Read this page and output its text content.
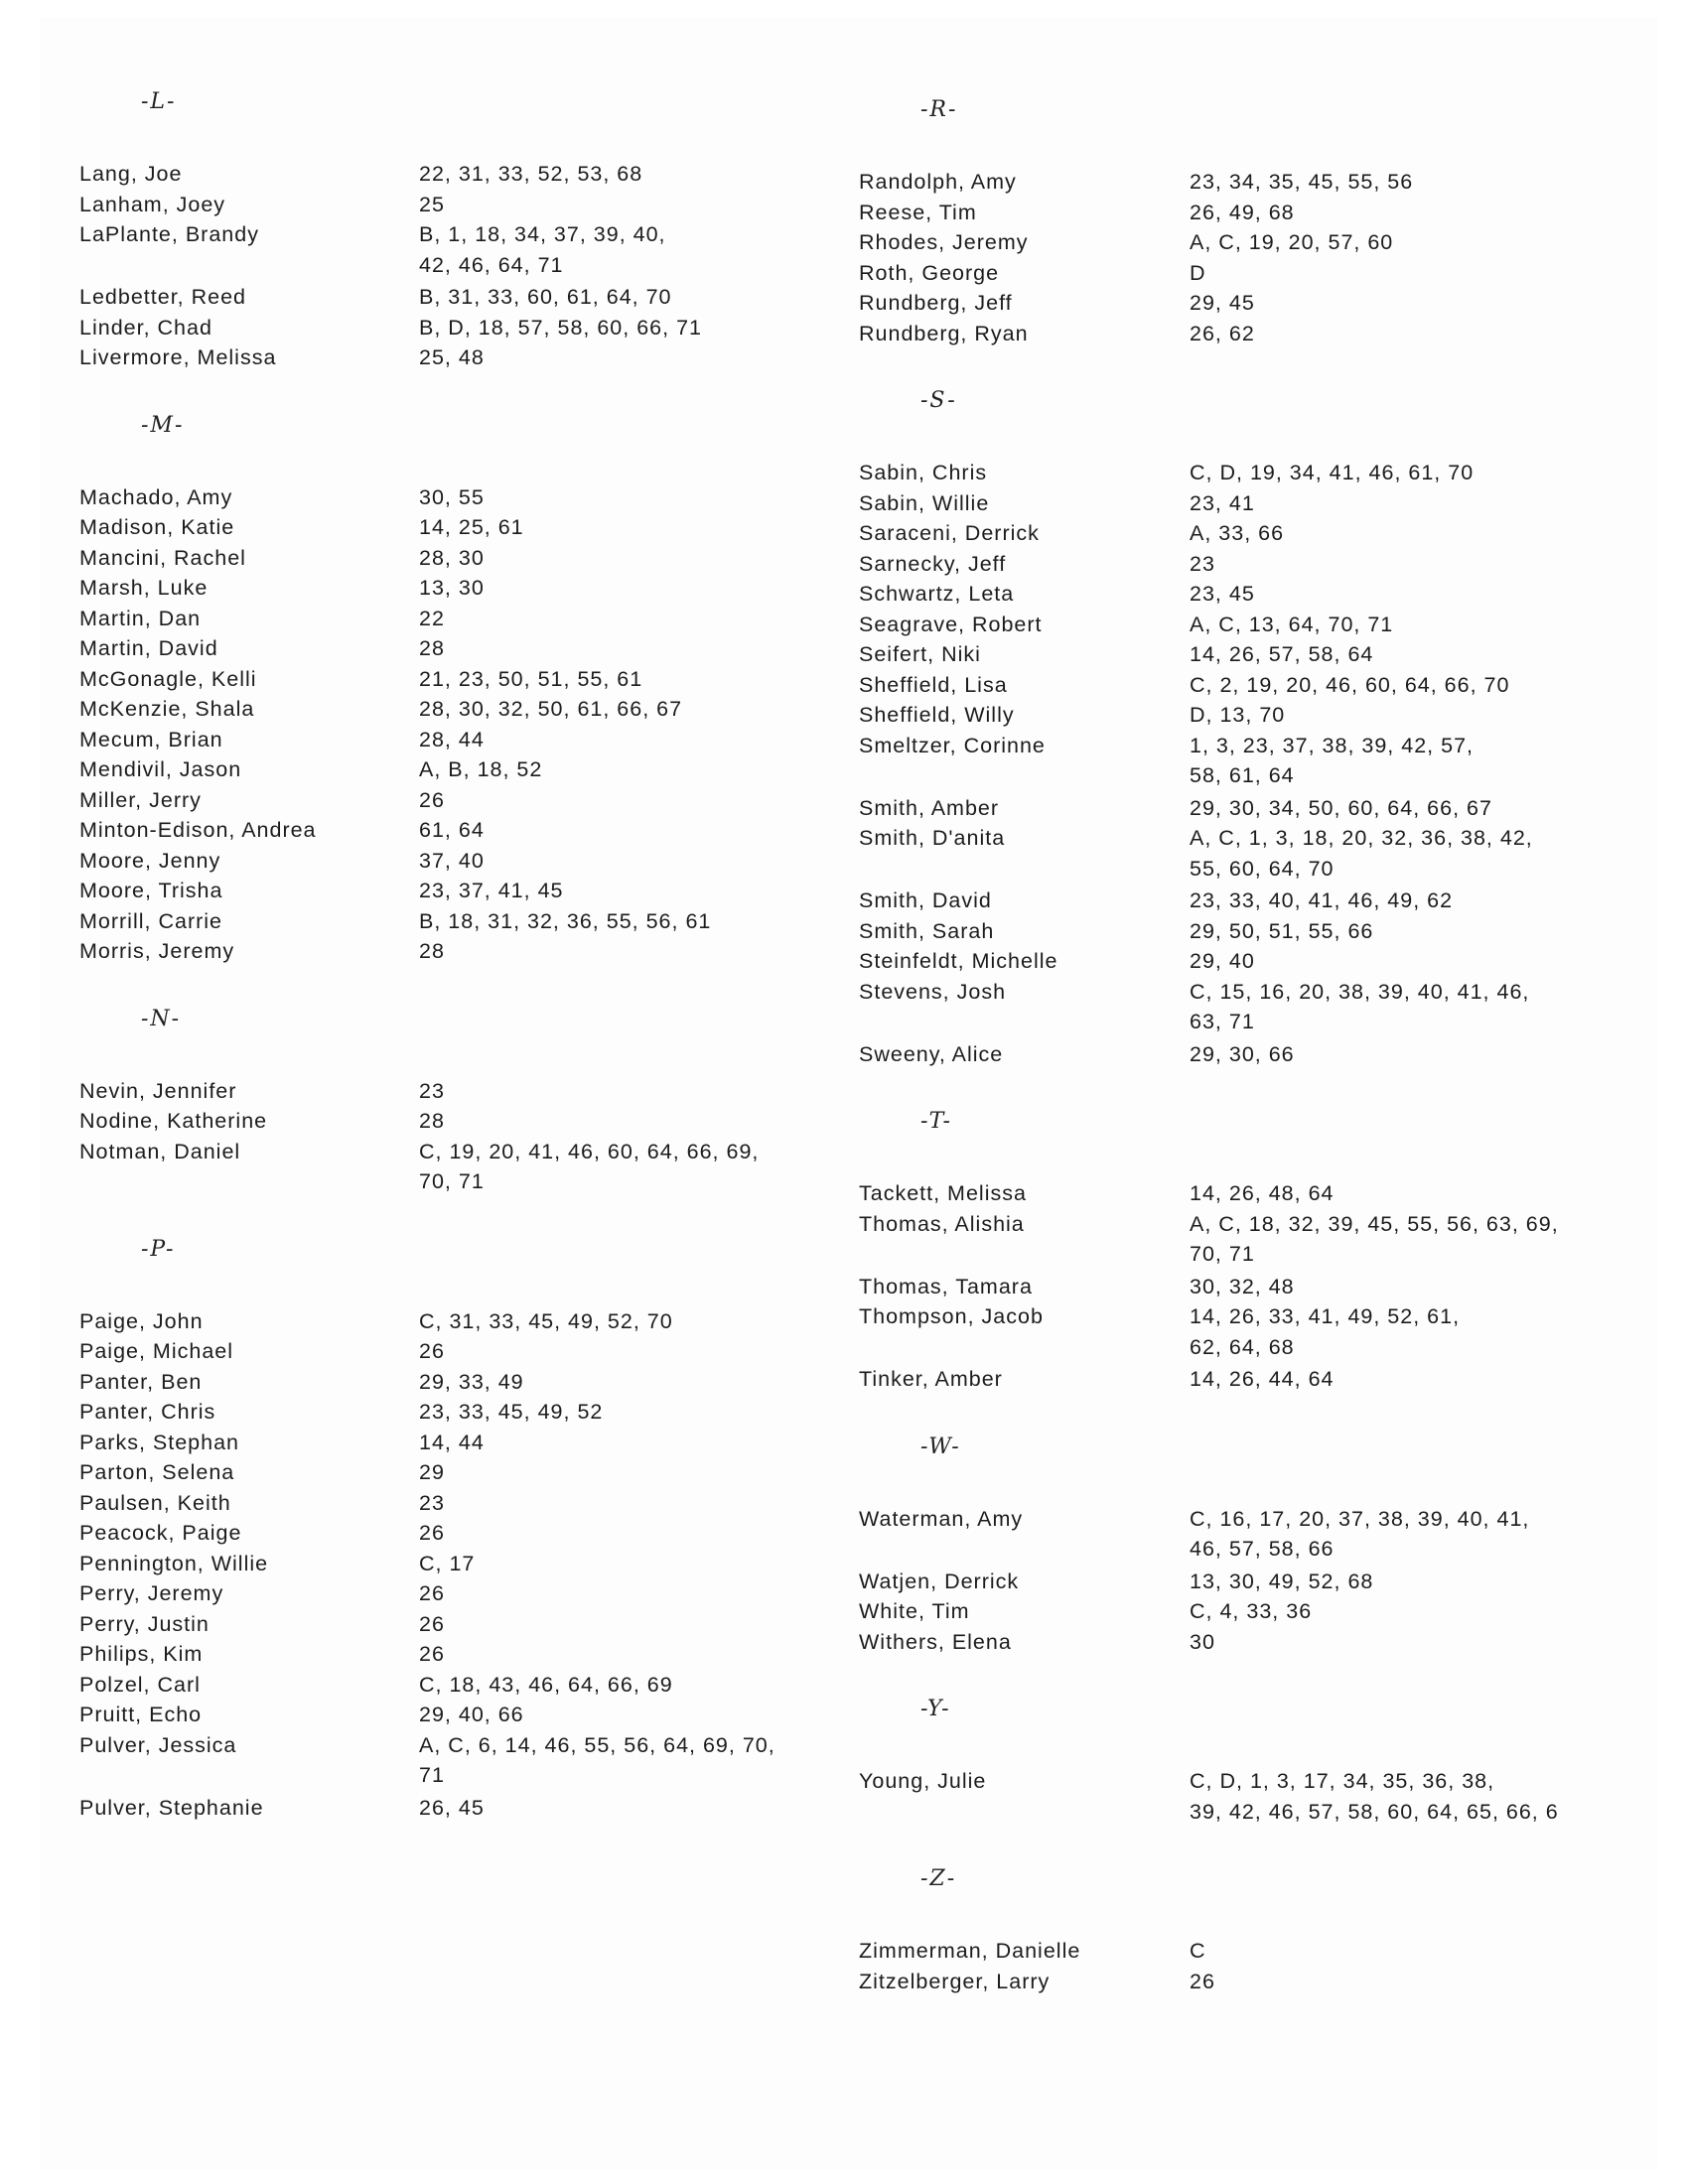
-L-
Lang, Joe	22, 31, 33, 52, 53, 68
Lanham, Joey	25
LaPlante, Brandy	B, 1, 18, 34, 37, 39, 40,
42, 46, 64, 71
Ledbetter, Reed	B, 31, 33, 60, 61, 64, 70
Linder, Chad	B, D, 18, 57, 58, 60, 66, 71
Livermore, Melissa	25, 48
-M-
Machado, Amy	30, 55
Madison, Katie	14, 25, 61
Mancini, Rachel	28, 30
Marsh, Luke	13, 30
Martin, Dan	22
Martin, David	28
McGonagle, Kelli	21, 23, 50, 51, 55, 61
McKenzie, Shala	28, 30, 32, 50, 61, 66, 67
Mecum, Brian	28, 44
Mendivil, Jason	A, B, 18, 52
Miller, Jerry	26
Minton-Edison, Andrea	61, 64
Moore, Jenny	37, 40
Moore, Trisha	23, 37, 41, 45
Morrill, Carrie	B, 18, 31, 32, 36, 55, 56, 61
Morris, Jeremy	28
-N-
Nevin, Jennifer	23
Nodine, Katherine	28
Notman, Daniel	C, 19, 20, 41, 46, 60, 64, 66, 69,
70, 71
-P-
Paige, John	C, 31, 33, 45, 49, 52, 70
Paige, Michael	26
Panter, Ben	29, 33, 49
Panter, Chris	23, 33, 45, 49, 52
Parks, Stephan	14, 44
Parton, Selena	29
Paulsen, Keith	23
Peacock, Paige	26
Pennington, Willie	C, 17
Perry, Jeremy	26
Perry, Justin	26
Philips, Kim	26
Polzel, Carl	C, 18, 43, 46, 64, 66, 69
Pruitt, Echo	29, 40, 66
Pulver, Jessica	A, C, 6, 14, 46, 55, 56, 64, 69, 70,
71
Pulver, Stephanie	26, 45
-R-
Randolph, Amy	23, 34, 35, 45, 55, 56
Reese, Tim	26, 49, 68
Rhodes, Jeremy	A, C, 19, 20, 57, 60
Roth, George	D
Rundberg, Jeff	29, 45
Rundberg, Ryan	26, 62
-S-
Sabin, Chris	C, D, 19, 34, 41, 46, 61, 70
Sabin, Willie	23, 41
Saraceni, Derrick	A, 33, 66
Sarnecky, Jeff	23
Schwartz, Leta	23, 45
Seagrave, Robert	A, C, 13, 64, 70, 71
Seifert, Niki	14, 26, 57, 58, 64
Sheffield, Lisa	C, 2, 19, 20, 46, 60, 64, 66, 70
Sheffield, Willy	D, 13, 70
Smeltzer, Corinne	1, 3, 23, 37, 38, 39, 42, 57,
58, 61, 64
Smith, Amber	29, 30, 34, 50, 60, 64, 66, 67
Smith, D'anita	A, C, 1, 3, 18, 20, 32, 36, 38, 42,
55, 60, 64, 70
Smith, David	23, 33, 40, 41, 46, 49, 62
Smith, Sarah	29, 50, 51, 55, 66
Steinfeldt, Michelle	29, 40
Stevens, Josh	C, 15, 16, 20, 38, 39, 40, 41, 46,
63, 71
Sweeny, Alice	29, 30, 66
-T-
Tackett, Melissa	14, 26, 48, 64
Thomas, Alishia	A, C, 18, 32, 39, 45, 55, 56, 63, 69,
70, 71
Thomas, Tamara	30, 32, 48
Thompson, Jacob	14, 26, 33, 41, 49, 52, 61,
62, 64, 68
Tinker, Amber	14, 26, 44, 64
-W-
Waterman, Amy	C, 16, 17, 20, 37, 38, 39, 40, 41,
46, 57, 58, 66
Watjen, Derrick	13, 30, 49, 52, 68
White, Tim	C, 4, 33, 36
Withers, Elena	30
-Y-
Young, Julie	C, D, 1, 3, 17, 34, 35, 36, 38,
39, 42, 46, 57, 58, 60, 64, 65, 66, 6
-Z-
Zimmerman, Danielle	C
Zitzelberger, Larry	26
